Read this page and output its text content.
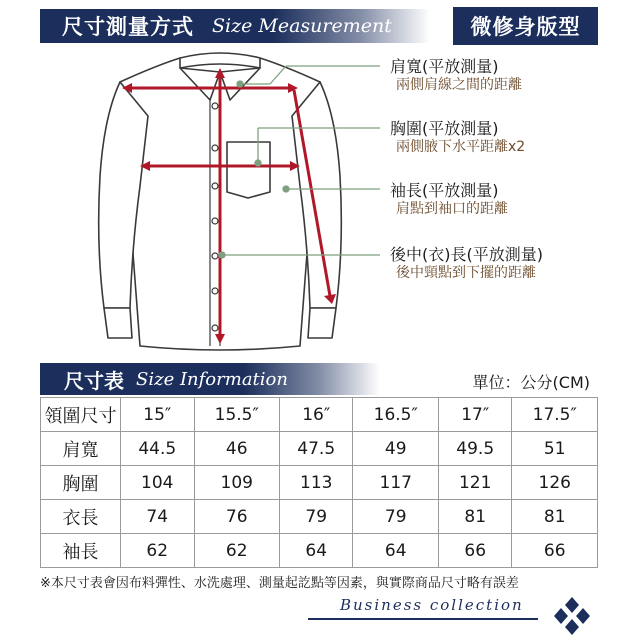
尺寸測量方式 Size Measurement	微修身版型
肩寬(平放測量)
兩側肩線之間的距離
胸圍(平放測量)
兩側腋下水平距離x2
袖長(平放測量)
肩點到袖口的距離
後中(衣)長(平放測量)
後中頸點到下擺的距離
尺寸表 Size Information	單位：公分(CM)
領圍尺寸	15″	15.5″	16″	16.5″	17″	17.5″
肩寬	44.5	46	47.5	49	49.5	51
胸圍	104	109	113	117	121	126
衣長	74	76	79	79	81	81
袖長	62	62	64	64	66	66
※本尺寸表會因布料彈性、水洗處理、測量起訖點等因素，與實際商品尺寸略有誤差
Business collection
